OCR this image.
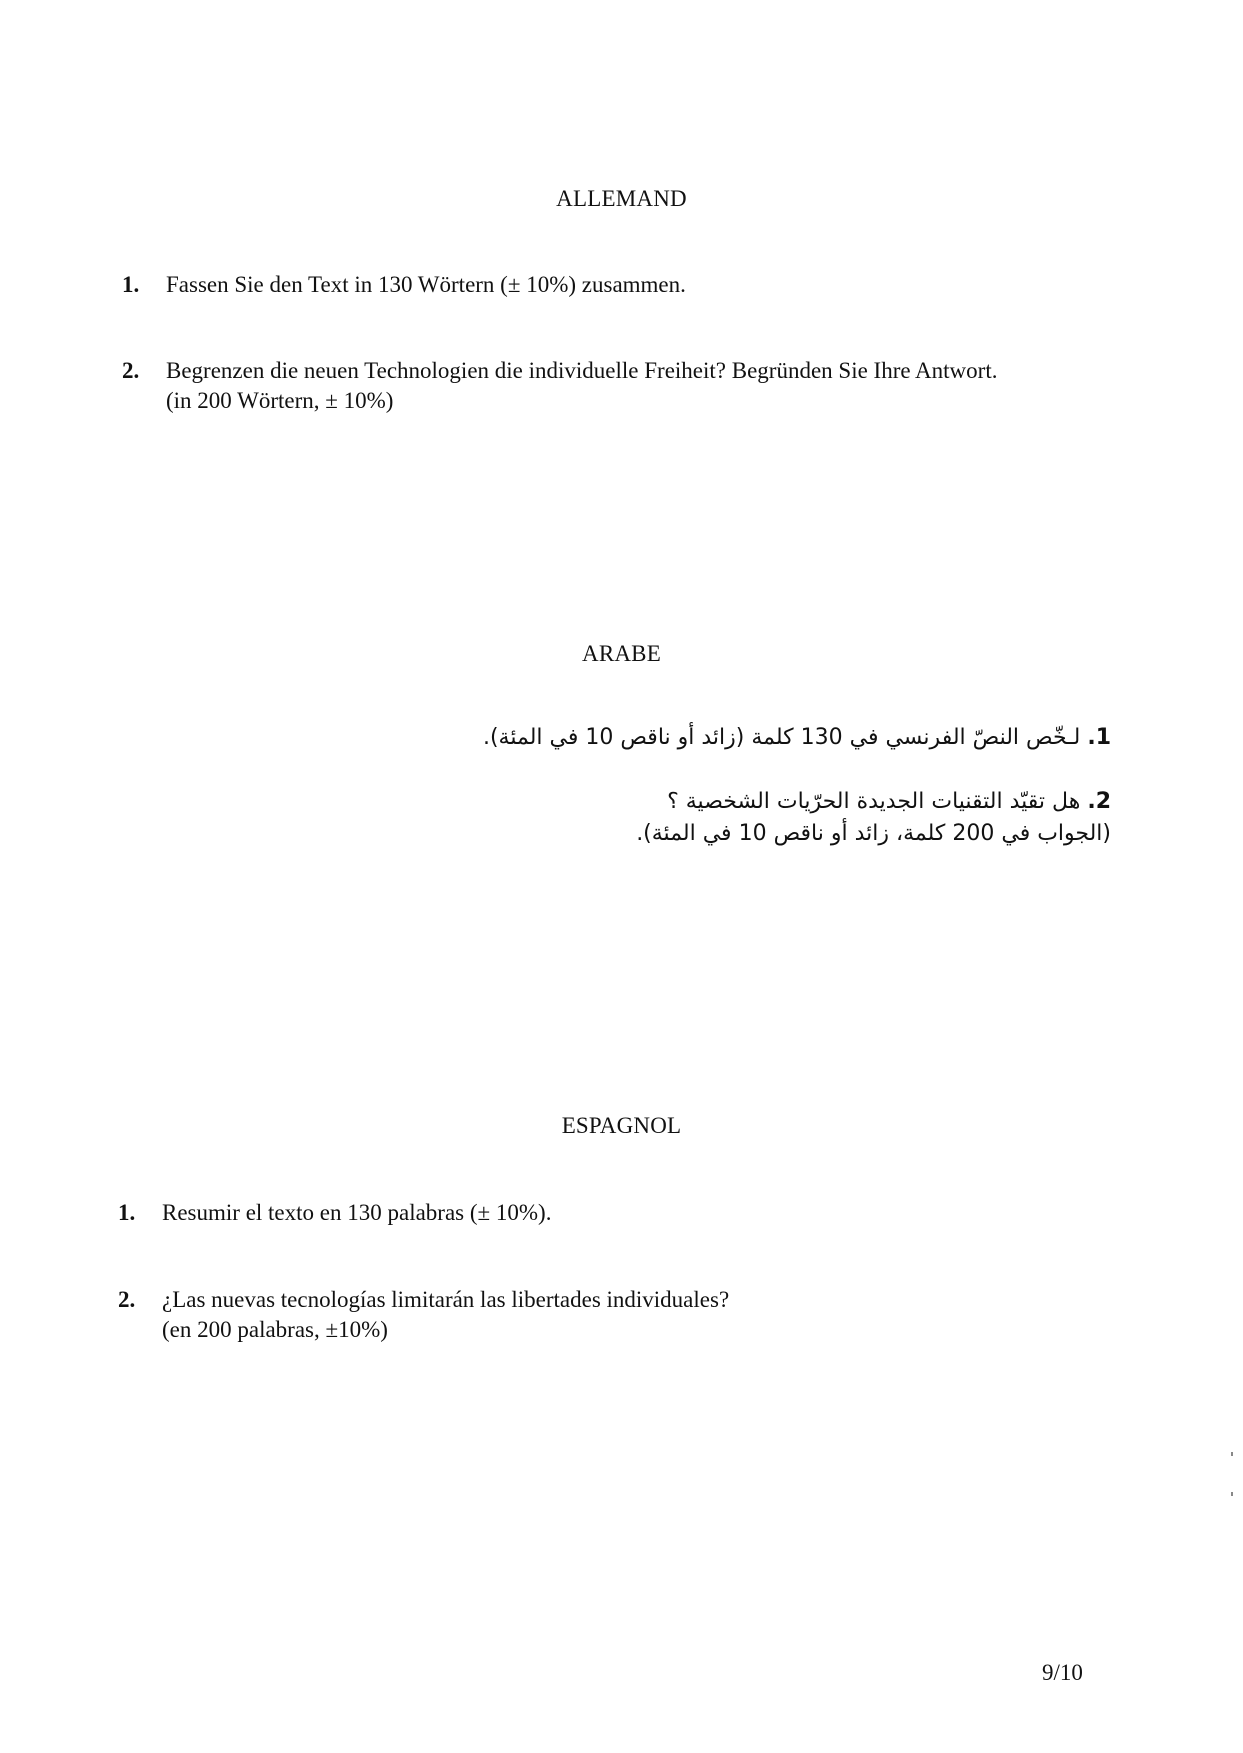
ALLEMAND
1. Fassen Sie den Text in 130 Wörtern (± 10%) zusammen.
2. Begrenzen die neuen Technologien die individuelle Freiheit? Begründen Sie Ihre Antwort.
(in 200 Wörtern, ± 10%)
ARABE
1. لـخّص النصّ الفرنسي في 130 كلمة (زائد أو ناقص 10 في المئة).
2. هل تقيّد التقنيات الجديدة الحرّيات الشخصية ؟
(الجواب في 200 كلمة، زائد أو ناقص 10 في المئة).
ESPAGNOL
1. Resumir el texto en 130 palabras (± 10%).
2. ¿Las nuevas tecnologías limitarán las libertades individuales?
(en 200 palabras, ±10%)
9/10
